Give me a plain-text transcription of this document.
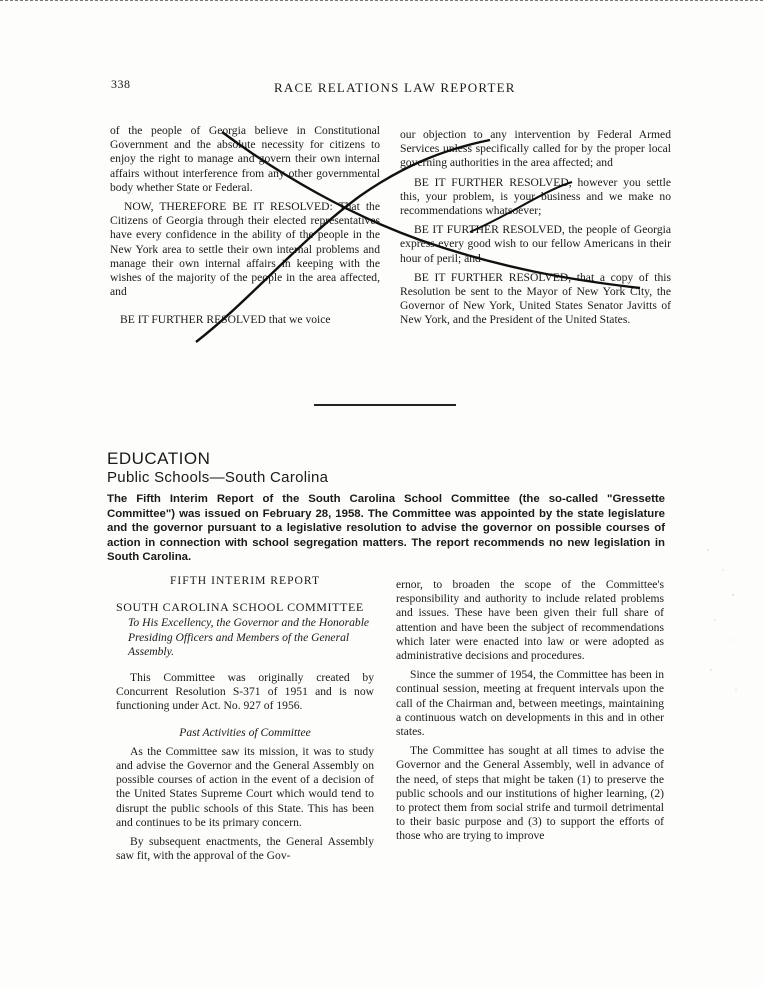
338	RACE RELATIONS LAW REPORTER

of the people of Georgia believe in Constitutional Government and the absolute necessity for citizens to enjoy the right to manage and govern their own internal affairs without interference from any other governmental body whether State or Federal.

NOW, THEREFORE BE IT RESOLVED: That the Citizens of Georgia through their elected representatives have every confidence in the ability of the people in the New York area to settle their own internal problems and manage their own internal affairs in keeping with the wishes of the majority of the people in the area affected, and

BE IT FURTHER RESOLVED that we voice

our objection to any intervention by Federal Armed Services unless specifically called for by the proper local governing authorities in the area affected; and

BE IT FURTHER RESOLVED, however you settle this, your problem, is your business and we make no recommendations whatsoever;

BE IT FURTHER RESOLVED, the people of Georgia express every good wish to our fellow Americans in their hour of peril; and

BE IT FURTHER RESOLVED, that a copy of this Resolution be sent to the Mayor of New York City, the Governor of New York, United States Senator Javitts of New York, and the President of the United States.

EDUCATION
Public Schools—South Carolina
The Fifth Interim Report of the South Carolina School Committee (the so-called "Gressette Committee") was issued on February 28, 1958. The Committee was appointed by the state legislature and the governor pursuant to a legislative resolution to advise the governor on possible courses of action in connection with school segregation matters. The report recommends no new legislation in South Carolina.

FIFTH INTERIM REPORT

SOUTH CAROLINA SCHOOL COMMITTEE

To His Excellency, the Governor and the Honorable Presiding Officers and Members of the General Assembly.

This Committee was originally created by Concurrent Resolution S-371 of 1951 and is now functioning under Act. No. 927 of 1956.

Past Activities of Committee

As the Committee saw its mission, it was to study and advise the Governor and the General Assembly on possible courses of action in the event of a decision of the United States Supreme Court which would tend to disrupt the public schools of this State. This has been and continues to be its primary concern.

By subsequent enactments, the General Assembly saw fit, with the approval of the Gov-

ernor, to broaden the scope of the Committee's responsibility and authority to include related problems and issues. These have been given their full share of attention and have been the subject of recommendations which later were enacted into law or were adopted as administrative decisions and procedures.

Since the summer of 1954, the Committee has been in continual session, meeting at frequent intervals upon the call of the Chairman and, between meetings, maintaining a continuous watch on developments in this and in other states.

The Committee has sought at all times to advise the Governor and the General Assembly, well in advance of the need, of steps that might be taken (1) to preserve the public schools and our institutions of higher learning, (2) to protect them from social strife and turmoil detrimental to their basic purpose and (3) to support the efforts of those who are trying to improve
